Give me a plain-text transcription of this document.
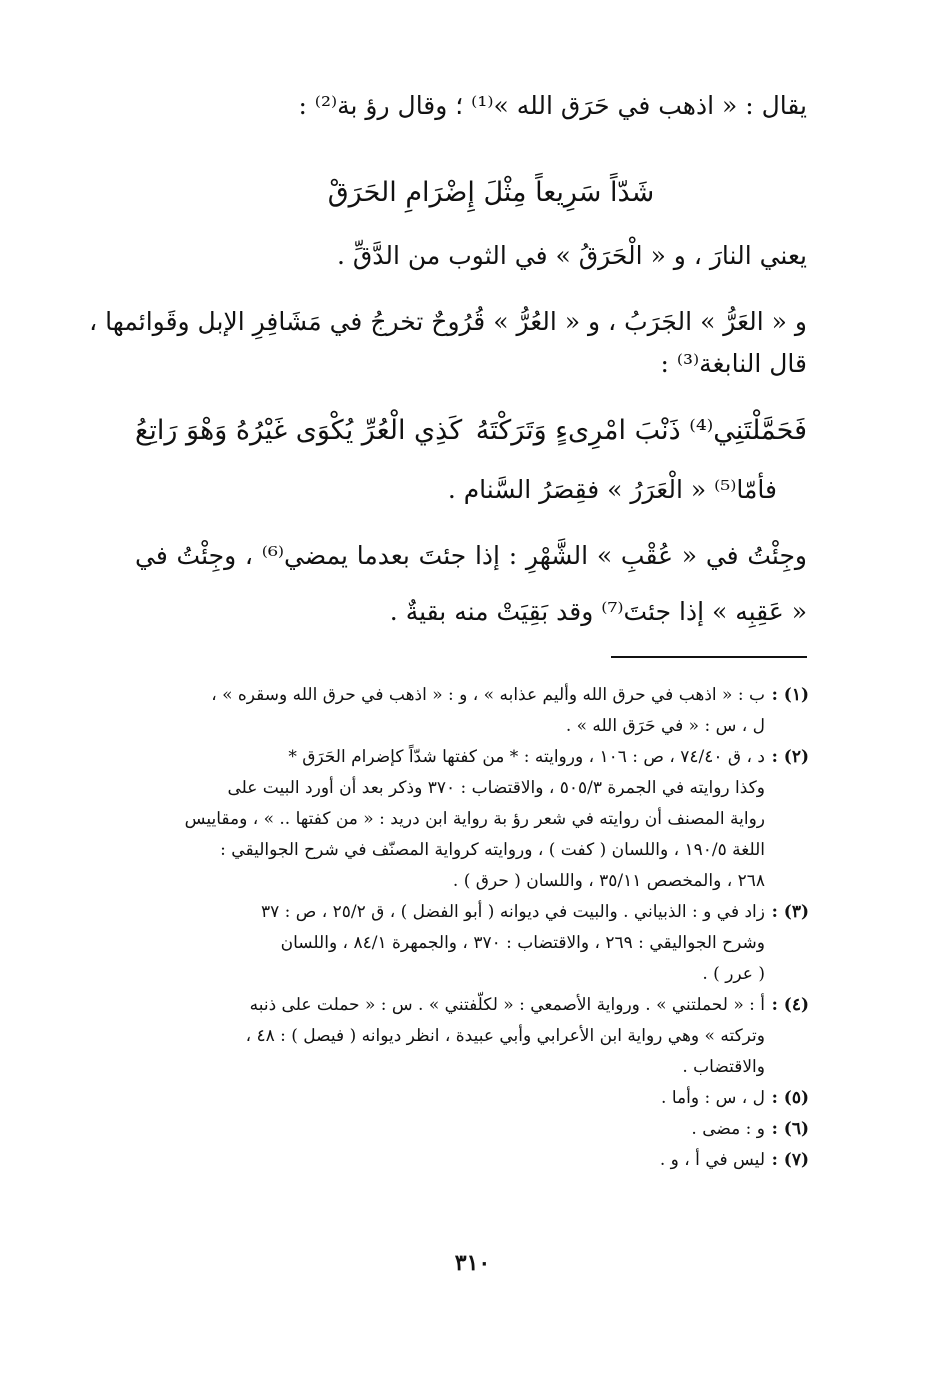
يقال : « اذهب في حَرَق الله »⁽¹⁾ ؛ وقال رؤ بة⁽²⁾ :

شَدّاً سَرِيعاً مِثْلَ إِضْرَامِ الحَرَقْ

يعني النارَ ، و « الْحَرَقُ » في الثوب من الدَّقِّ .

و « العَرُّ » الجَرَبُ ، و « العُرُّ » قُرُوحٌ تخرجُ في مَشَافِرِ الإبل وقَوائمها ،

قال النابغة⁽³⁾ :

فَحَمَّلْتَنِي⁽⁴⁾ ذَنْبَ امْرِىءٍ وَتَرَكْتَهُ
كَذِي الْعُرِّ يُكْوَى غَيْرُهُ وَهْوَ رَاتِعُ

فأمّا⁽⁵⁾ « الْعَرَرُ » فقِصَرُ السَّنام .

وجِئْتُ في « عُقْبِ » الشَّهْرِ : إذا جئتَ بعدما يمضي⁽⁶⁾ ، وجِئْتُ في

« عَقِبِه » إذا جئتَ⁽⁷⁾ وقد بَقِيَتْ منه بقيةٌ .

(١) :
ب : « اذهب في حرق الله وأليم عذابه » ، و : « اذهب في حرق الله وسقره » ،
ل ، س : « في حَرَق الله » .
(٢) :
د ، ق ٧٤/٤٠ ، ص : ١٠٦ ، وروايته : * من كفتها شدّاً كإضرام الحَرَق *
وكذا روايته في الجمرة ٥٠٥/٣ ، والاقتضاب : ٣٧٠ وذكر بعد أن أورد البيت على
رواية المصنف أن روايته في شعر رؤ بة رواية ابن دريد : « من كفتها .. » ، ومقاييس
اللغة ١٩٠/٥ ، واللسان ( كفت ) ، وروايته كرواية المصنّف في شرح الجواليقي :
٢٦٨ ، والمخصص ٣٥/١١ ، واللسان ( حرق ) .
(٣) :
زاد في و : الذبياني . والبيت في ديوانه ( أبو الفضل ) ، ق ٢٥/٢ ، ص : ٣٧
وشرح الجواليقي : ٢٦٩ ، والاقتضاب : ٣٧٠ ، والجمهرة ٨٤/١ ، واللسان
( عرر ) .
(٤) :
أ : « لحملتني » . ورواية الأصمعي : « لكلّفتني » . س : « حملت على ذنبه
وتركته » وهي رواية ابن الأعرابي وأبي عبيدة ، انظر ديوانه ( فيصل ) : ٤٨ ،
والاقتضاب .
(٥) :
ل ، س : وأما .
(٦) :
و : مضى .
(٧) :
ليس في أ ، و .
٣١٠
